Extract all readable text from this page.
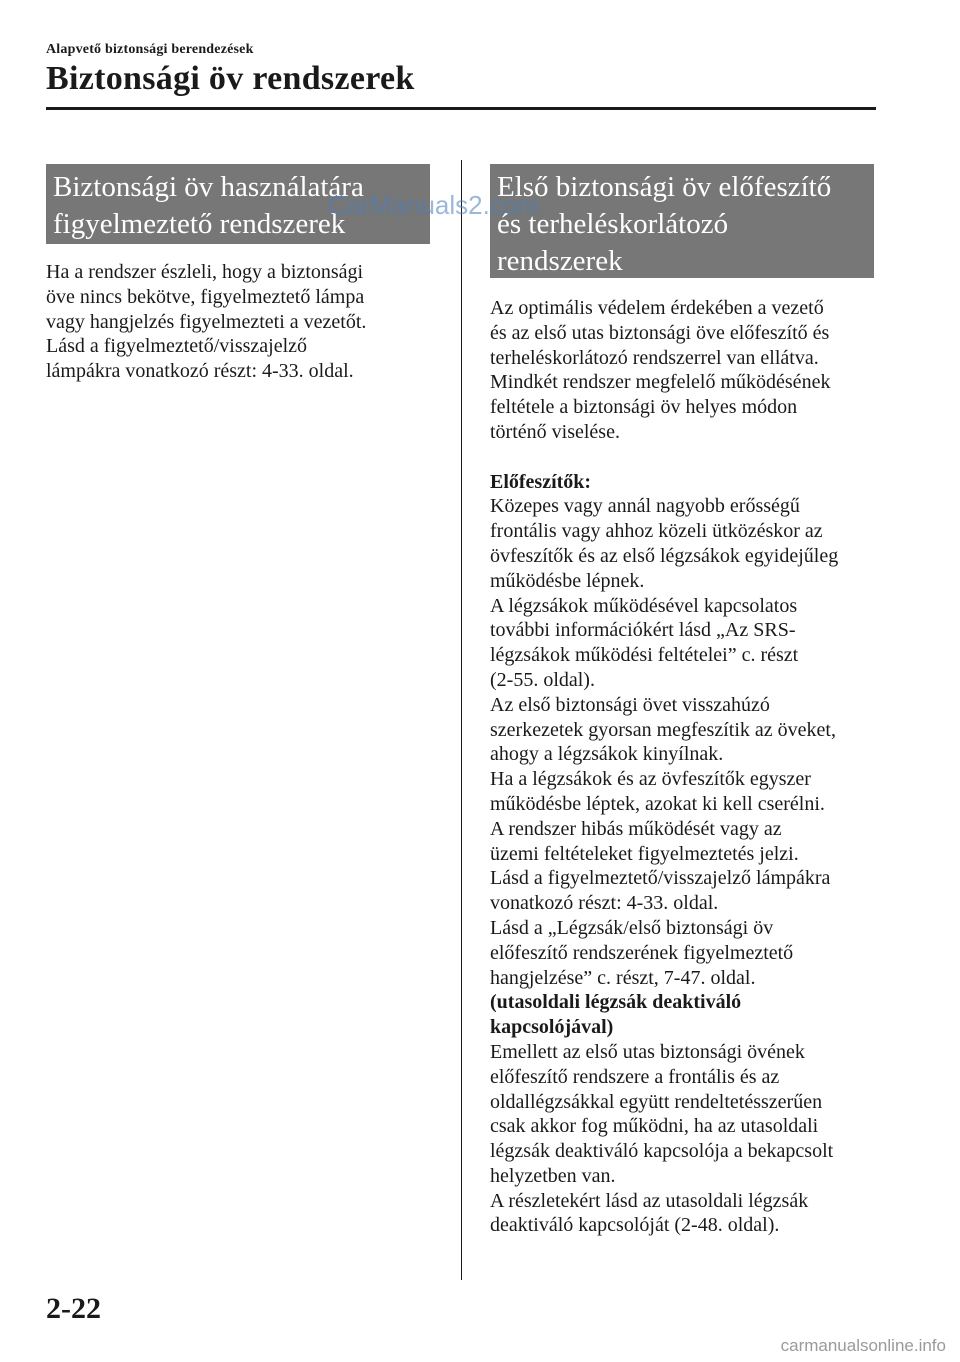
Alapvető biztonsági berendezések
Biztonsági öv rendszerek
Biztonsági öv használatára
figyelmeztető rendszerek
Ha a rendszer észleli, hogy a biztonsági
öve nincs bekötve, figyelmeztető lámpa
vagy hangjelzés figyelmezteti a vezetőt.
Lásd a figyelmeztető/visszajelző
lámpákra vonatkozó részt: 4-33. oldal.
Első biztonsági öv előfeszítő
és terheléskorlátozó
rendszerek
Az optimális védelem érdekében a vezető
és az első utas biztonsági öve előfeszítő és
terheléskorlátozó rendszerrel van ellátva.
Mindkét rendszer megfelelő működésének
feltétele a biztonsági öv helyes módon
történő viselése.
Előfeszítők:
Közepes vagy annál nagyobb erősségű
frontális vagy ahhoz közeli ütközéskor az
övfeszítők és az első légzsákok egyidejűleg
működésbe lépnek.
A légzsákok működésével kapcsolatos
további információkért lásd „Az SRS-
légzsákok működési feltételei” c. részt
(2-55. oldal).
Az első biztonsági övet visszahúzó
szerkezetek gyorsan megfeszítik az öveket,
ahogy a légzsákok kinyílnak.
Ha a légzsákok és az övfeszítők egyszer
működésbe léptek, azokat ki kell cserélni.
A rendszer hibás működését vagy az
üzemi feltételeket figyelmeztetés jelzi.
Lásd a figyelmeztető/visszajelző lámpákra
vonatkozó részt: 4-33. oldal.
Lásd a „Légzsák/első biztonsági öv
előfeszítő rendszerének figyelmeztető
hangjelzése” c. részt, 7-47. oldal.
(utasoldali légzsák deaktiváló
kapcsolójával)
Emellett az első utas biztonsági övének
előfeszítő rendszere a frontális és az
oldallégzsákkal együtt rendeltetésszerűen
csak akkor fog működni, ha az utasoldali
légzsák deaktiváló kapcsolója a bekapcsolt
helyzetben van.
A részletekért lásd az utasoldali légzsák
deaktiváló kapcsolóját (2-48. oldal).
2-22
CarManuals2.com
carmanualsonline.info
